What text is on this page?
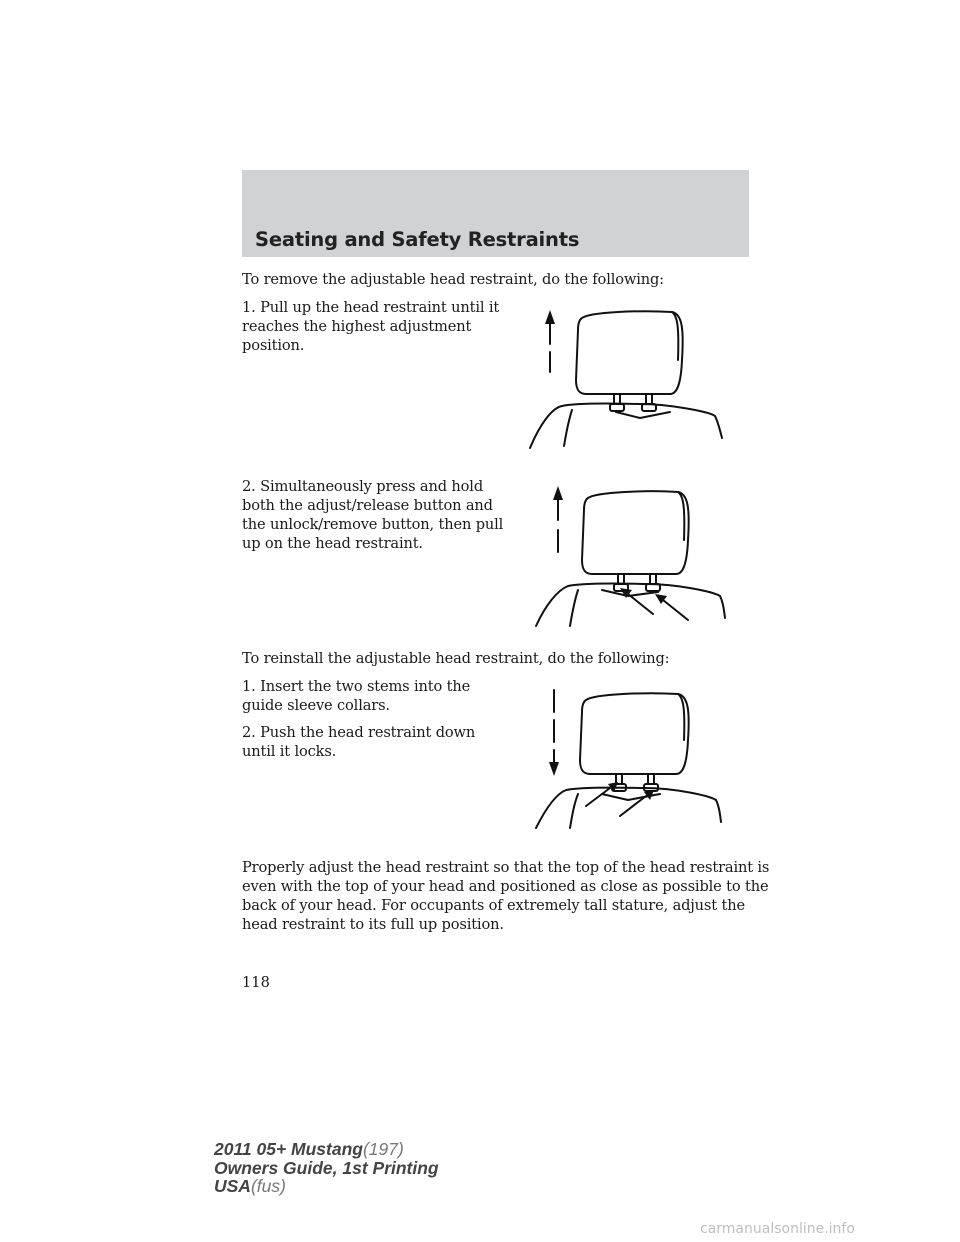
Seating and Safety Restraints
To remove the adjustable head restraint, do the following:
1. Pull up the head restraint until it
reaches the highest adjustment
position.
2. Simultaneously press and hold
both the adjust/release button and
the unlock/remove button, then pull
up on the head restraint.
To reinstall the adjustable head restraint, do the following:
1. Insert the two stems into the
guide sleeve collars.
2. Push the head restraint down
until it locks.
Properly adjust the head restraint so that the top of the head restraint is
even with the top of your head and positioned as close as possible to the
back of your head. For occupants of extremely tall stature, adjust the
head restraint to its full up position.
118
2011 05+ Mustang(197)
Owners Guide, 1st Printing
USA(fus)
carmanualsonline.info
